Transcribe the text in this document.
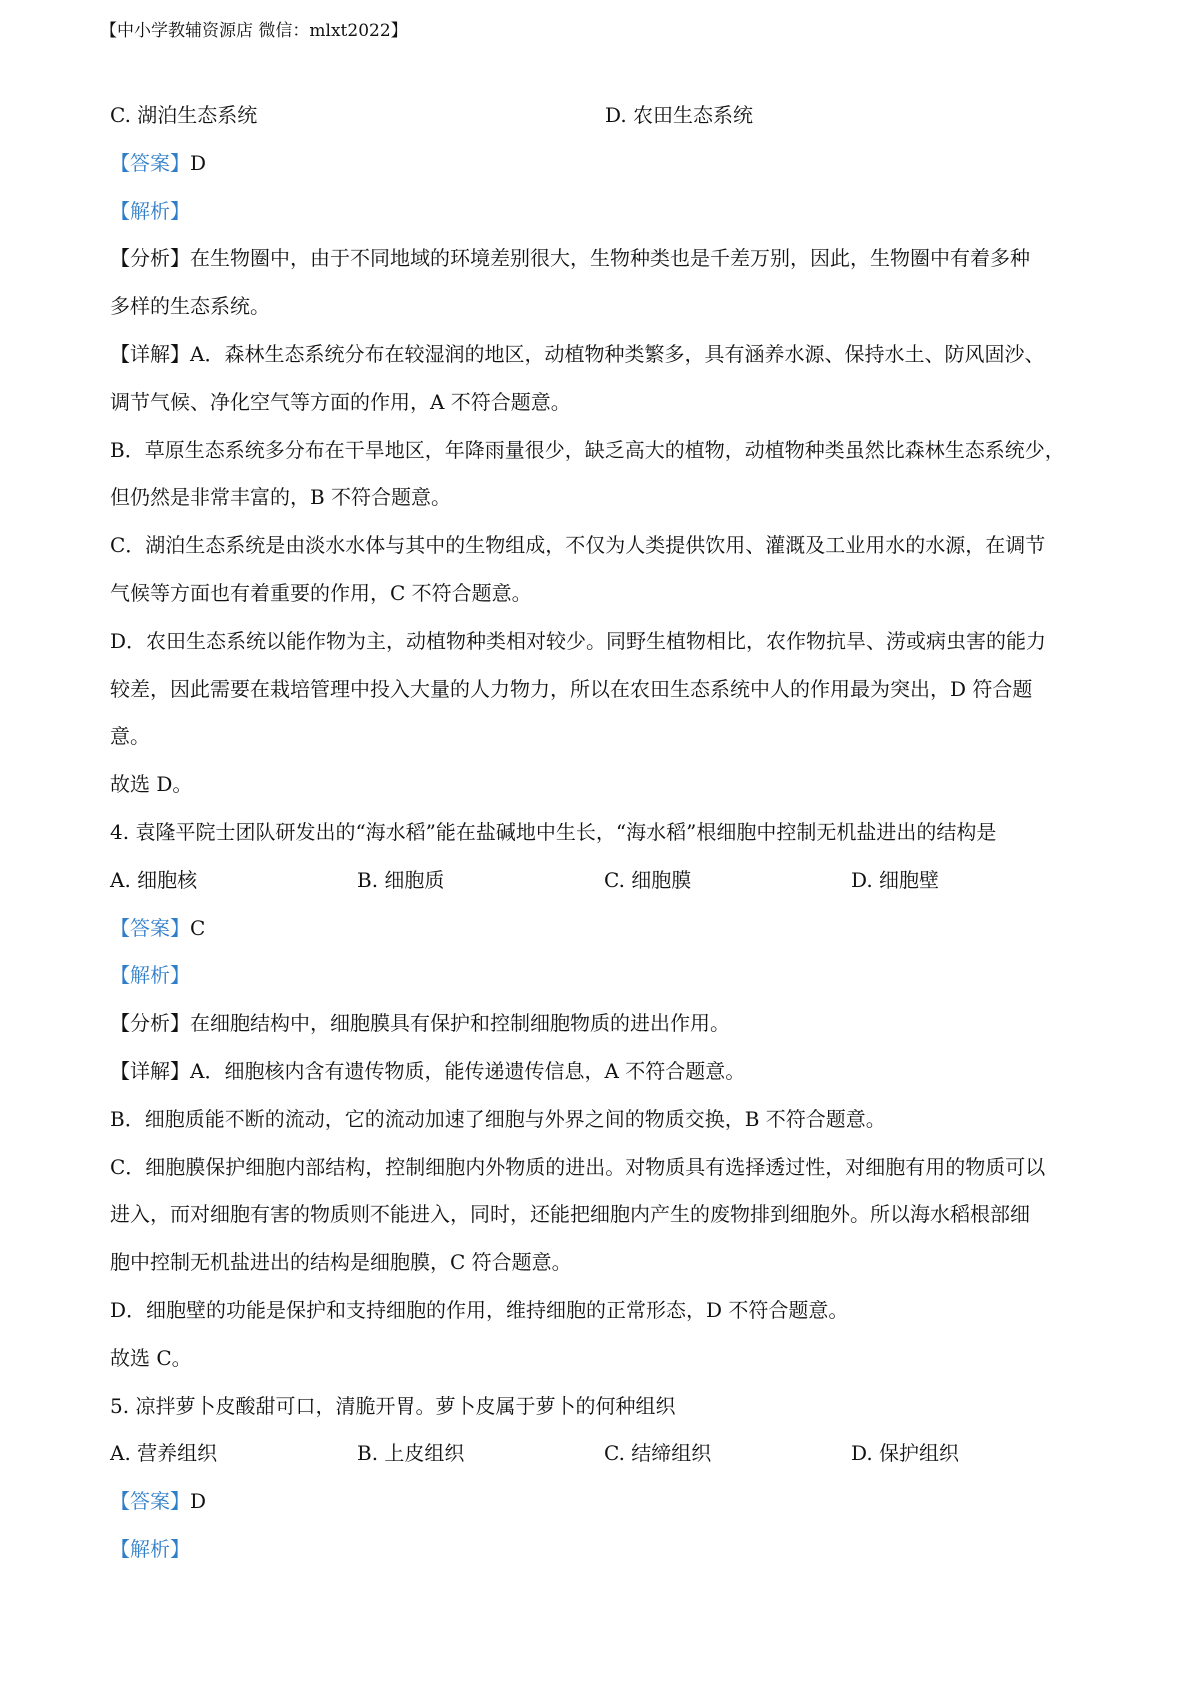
【中小学教辅资源店 微信：mlxt2022】
C. 湖泊生态系统	D. 农田生态系统
【答案】D
【解析】
【分析】在生物圈中，由于不同地域的环境差别很大，生物种类也是千差万别，因此，生物圈中有着多种
多样的生态系统。
【详解】A．森林生态系统分布在较湿润的地区，动植物种类繁多，具有涵养水源、保持水土、防风固沙、
调节气候、净化空气等方面的作用，A 不符合题意。
B．草原生态系统多分布在干旱地区，年降雨量很少，缺乏高大的植物，动植物种类虽然比森林生态系统少，
但仍然是非常丰富的，B 不符合题意。
C．湖泊生态系统是由淡水水体与其中的生物组成，不仅为人类提供饮用、灌溉及工业用水的水源，在调节
气候等方面也有着重要的作用，C 不符合题意。
D．农田生态系统以能作物为主，动植物种类相对较少。同野生植物相比，农作物抗旱、涝或病虫害的能力
较差，因此需要在栽培管理中投入大量的人力物力，所以在农田生态系统中人的作用最为突出，D 符合题
意。
故选 D。
4. 袁隆平院士团队研发出的“海水稻”能在盐碱地中生长，“海水稻”根细胞中控制无机盐进出的结构是
A. 细胞核	B. 细胞质	C. 细胞膜	D. 细胞壁
【答案】C
【解析】
【分析】在细胞结构中，细胞膜具有保护和控制细胞物质的进出作用。
【详解】A．细胞核内含有遗传物质，能传递遗传信息，A 不符合题意。
B．细胞质能不断的流动，它的流动加速了细胞与外界之间的物质交换，B 不符合题意。
C．细胞膜保护细胞内部结构，控制细胞内外物质的进出。对物质具有选择透过性，对细胞有用的物质可以
进入，而对细胞有害的物质则不能进入，同时，还能把细胞内产生的废物排到细胞外。所以海水稻根部细
胞中控制无机盐进出的结构是细胞膜，C 符合题意。
D．细胞壁的功能是保护和支持细胞的作用，维持细胞的正常形态，D 不符合题意。
故选 C。
5. 凉拌萝卜皮酸甜可口，清脆开胃。萝卜皮属于萝卜的何种组织
A. 营养组织	B. 上皮组织	C. 结缔组织	D. 保护组织
【答案】D
【解析】
